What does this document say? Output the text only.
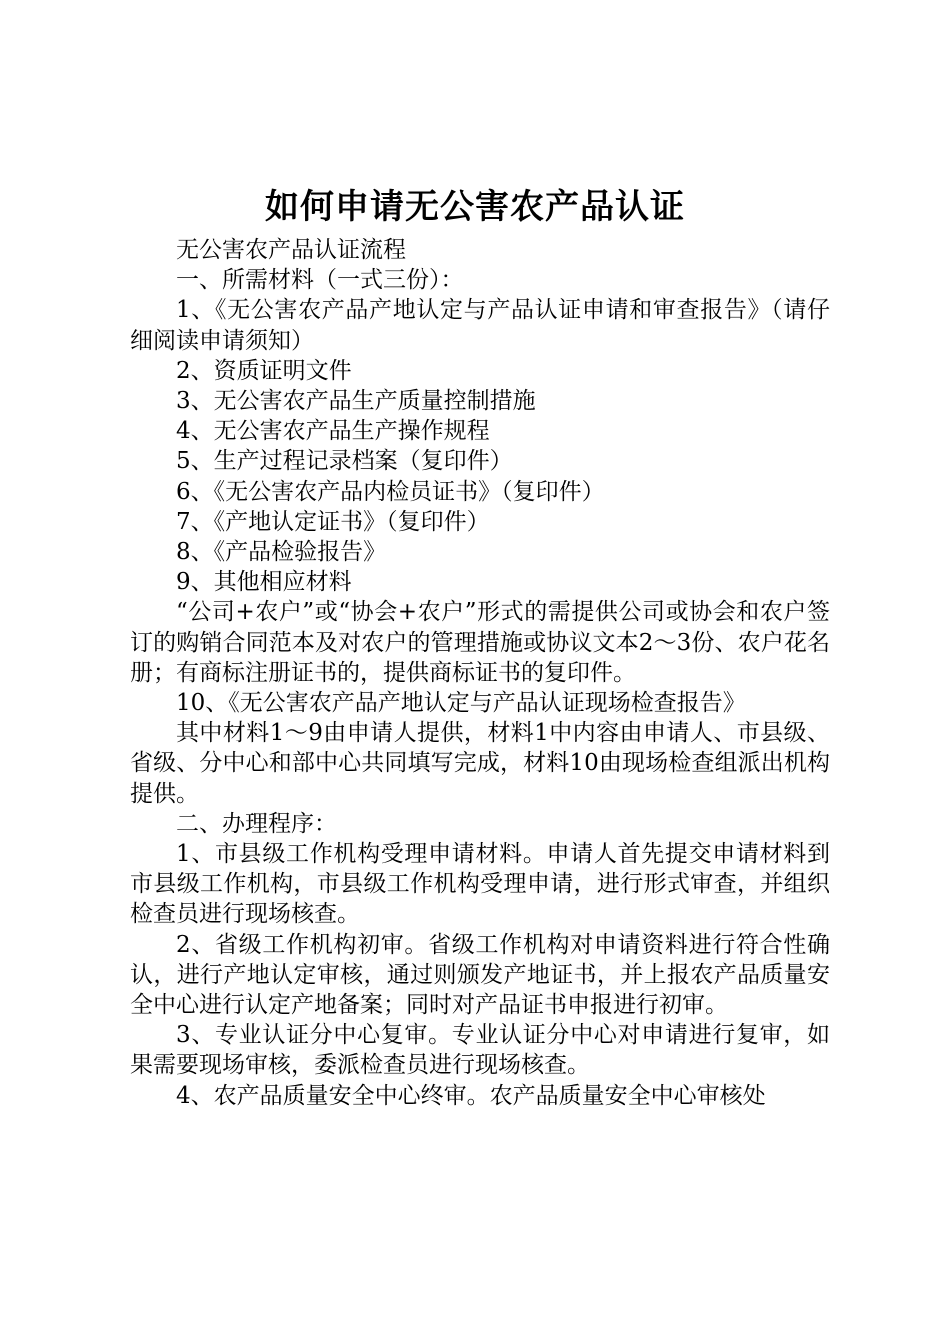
如何申请无公害农产品认证

无公害农产品认证流程

一、所需材料（一式三份）：

1、《无公害农产品产地认定与产品认证申请和审查报告》（请仔细阅读申请须知）

2、资质证明文件

3、无公害农产品生产质量控制措施

4、无公害农产品生产操作规程

5、生产过程记录档案（复印件）

6、《无公害农产品内检员证书》（复印件）

7、《产地认定证书》（复印件）

8、《产品检验报告》

9、其他相应材料

“公司+农户”或“协会+农户”形式的需提供公司或协会和农户签订的购销合同范本及对农户的管理措施或协议文本2～3份、农户花名册；有商标注册证书的，提供商标证书的复印件。

10、《无公害农产品产地认定与产品认证现场检查报告》

其中材料1～9由申请人提供，材料1中内容由申请人、市县级、省级、分中心和部中心共同填写完成，材料10由现场检查组派出机构提供。

二、办理程序：

1、市县级工作机构受理申请材料。申请人首先提交申请材料到市县级工作机构，市县级工作机构受理申请，进行形式审查，并组织检查员进行现场核查。

2、省级工作机构初审。省级工作机构对申请资料进行符合性确认，进行产地认定审核，通过则颁发产地证书，并上报农产品质量安全中心进行认定产地备案；同时对产品证书申报进行初审。

3、专业认证分中心复审。专业认证分中心对申请进行复审，如果需要现场审核，委派检查员进行现场核查。

4、农产品质量安全中心终审。农产品质量安全中心审核处
